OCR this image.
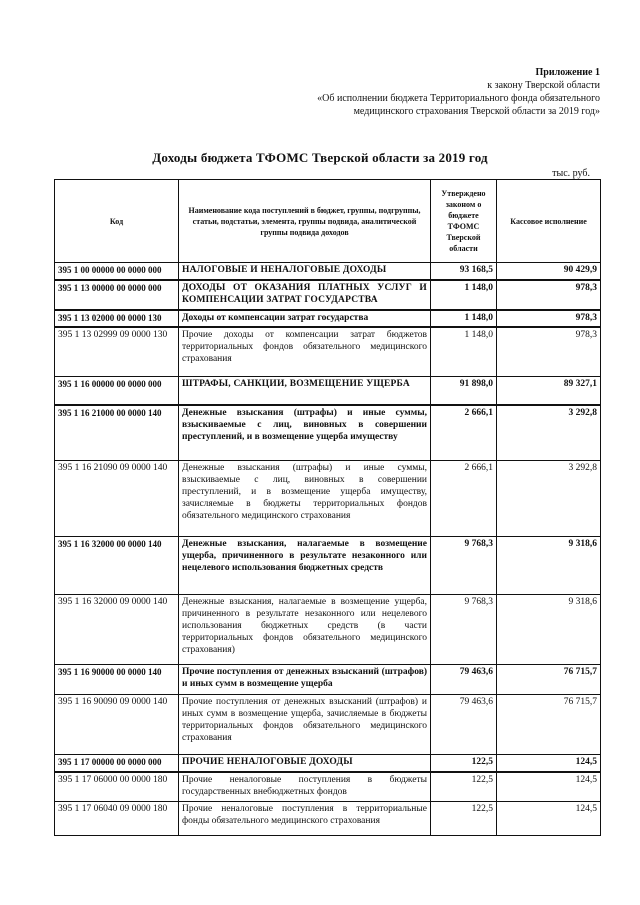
Приложение 1
к закону Тверской области
«Об исполнении бюджета Территориального фонда обязательного
медицинского страхования Тверской области за 2019 год»
Доходы бюджета ТФОМС Тверской области за 2019 год
тыс. руб.
Код	Наименование кода поступлений в бюджет, группы, подгруппы, статьи, подстатьи, элемента, группы подвида, аналитической группы подвида доходов	Утверждено законом о бюджете ТФОМС Тверской области	Кассовое исполнение
395 1 00 00000 00 0000 000	НАЛОГОВЫЕ И НЕНАЛОГОВЫЕ ДОХОДЫ	93 168,5	90 429,9
395 1 13 00000 00 0000 000	ДОХОДЫ ОТ ОКАЗАНИЯ ПЛАТНЫХ УСЛУГ И КОМПЕНСАЦИИ ЗАТРАТ ГОСУДАРСТВА	1 148,0	978,3
395 1 13 02000 00 0000 130	Доходы от компенсации затрат государства	1 148,0	978,3
395 1 13 02999 09 0000 130	Прочие доходы от компенсации затрат бюджетов территориальных фондов обязательного медицинского страхования	1 148,0	978,3
395 1 16 00000 00 0000 000	ШТРАФЫ, САНКЦИИ, ВОЗМЕЩЕНИЕ УЩЕРБА	91 898,0	89 327,1
395 1 16 21000 00 0000 140	Денежные взыскания (штрафы) и иные суммы, взыскиваемые с лиц, виновных в совершении преступлений, и в возмещение ущерба имуществу	2 666,1	3 292,8
395 1 16 21090 09 0000 140	Денежные взыскания (штрафы) и иные суммы, взыскиваемые с лиц, виновных в совершении преступлений, и в возмещение ущерба имуществу, зачисляемые в бюджеты территориальных фондов обязательного медицинского страхования	2 666,1	3 292,8
395 1 16 32000 00 0000 140	Денежные взыскания, налагаемые в возмещение ущерба, причиненного в результате незаконного или нецелевого использования бюджетных средств	9 768,3	9 318,6
395 1 16 32000 09 0000 140	Денежные взыскания, налагаемые в возмещение ущерба, причиненного в результате незаконного или нецелевого использования бюджетных средств (в части территориальных фондов обязательного медицинского страхования)	9 768,3	9 318,6
395 1 16 90000 00 0000 140	Прочие поступления от денежных взысканий (штрафов) и иных сумм в возмещение ущерба	79 463,6	76 715,7
395 1 16 90090 09 0000 140	Прочие поступления от денежных взысканий (штрафов) и иных сумм в возмещение ущерба, зачисляемые в бюджеты территориальных фондов обязательного медицинского страхования	79 463,6	76 715,7
395 1 17 00000 00 0000 000	ПРОЧИЕ НЕНАЛОГОВЫЕ ДОХОДЫ	122,5	124,5
395 1 17 06000 00 0000 180	Прочие неналоговые поступления в бюджеты государственных внебюджетных фондов	122,5	124,5
395 1 17 06040 09 0000 180	Прочие неналоговые поступления в территориальные фонды обязательного медицинского страхования	122,5	124,5
